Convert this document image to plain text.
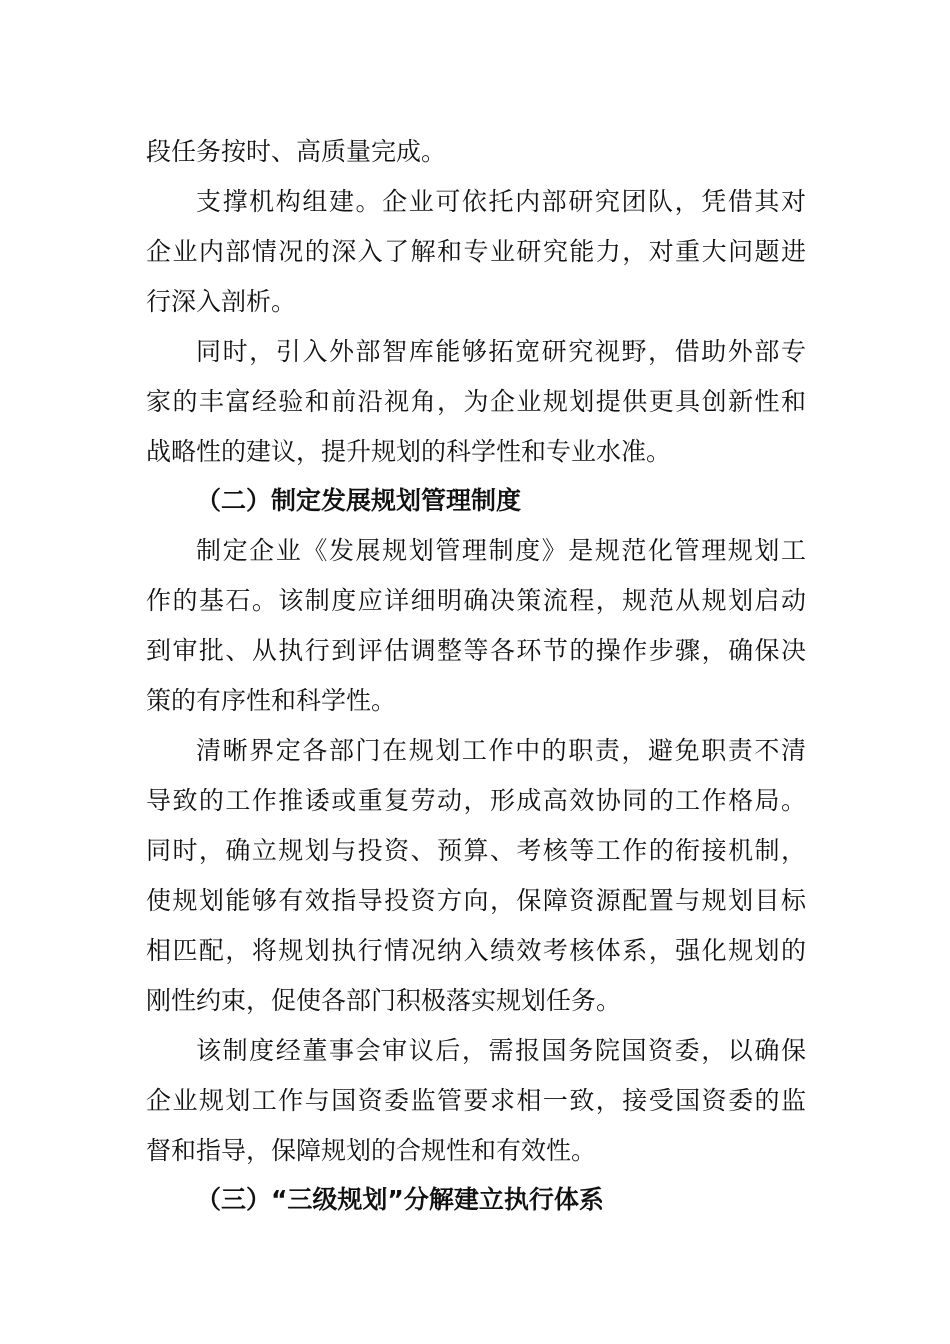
段任务按时、高质量完成。
支撑机构组建。企业可依托内部研究团队，凭借其对
企业内部情况的深入了解和专业研究能力，对重大问题进
行深入剖析。
同时，引入外部智库能够拓宽研究视野，借助外部专
家的丰富经验和前沿视角，为企业规划提供更具创新性和
战略性的建议，提升规划的科学性和专业水准。
（二）制定发展规划管理制度
制定企业《发展规划管理制度》是规范化管理规划工
作的基石。该制度应详细明确决策流程，规范从规划启动
到审批、从执行到评估调整等各环节的操作步骤，确保决
策的有序性和科学性。
清晰界定各部门在规划工作中的职责，避免职责不清
导致的工作推诿或重复劳动，形成高效协同的工作格局。
同时，确立规划与投资、预算、考核等工作的衔接机制，
使规划能够有效指导投资方向，保障资源配置与规划目标
相匹配，将规划执行情况纳入绩效考核体系，强化规划的
刚性约束，促使各部门积极落实规划任务。
该制度经董事会审议后，需报国务院国资委，以确保
企业规划工作与国资委监管要求相一致，接受国资委的监
督和指导，保障规划的合规性和有效性。
（三）“三级规划”分解建立执行体系
